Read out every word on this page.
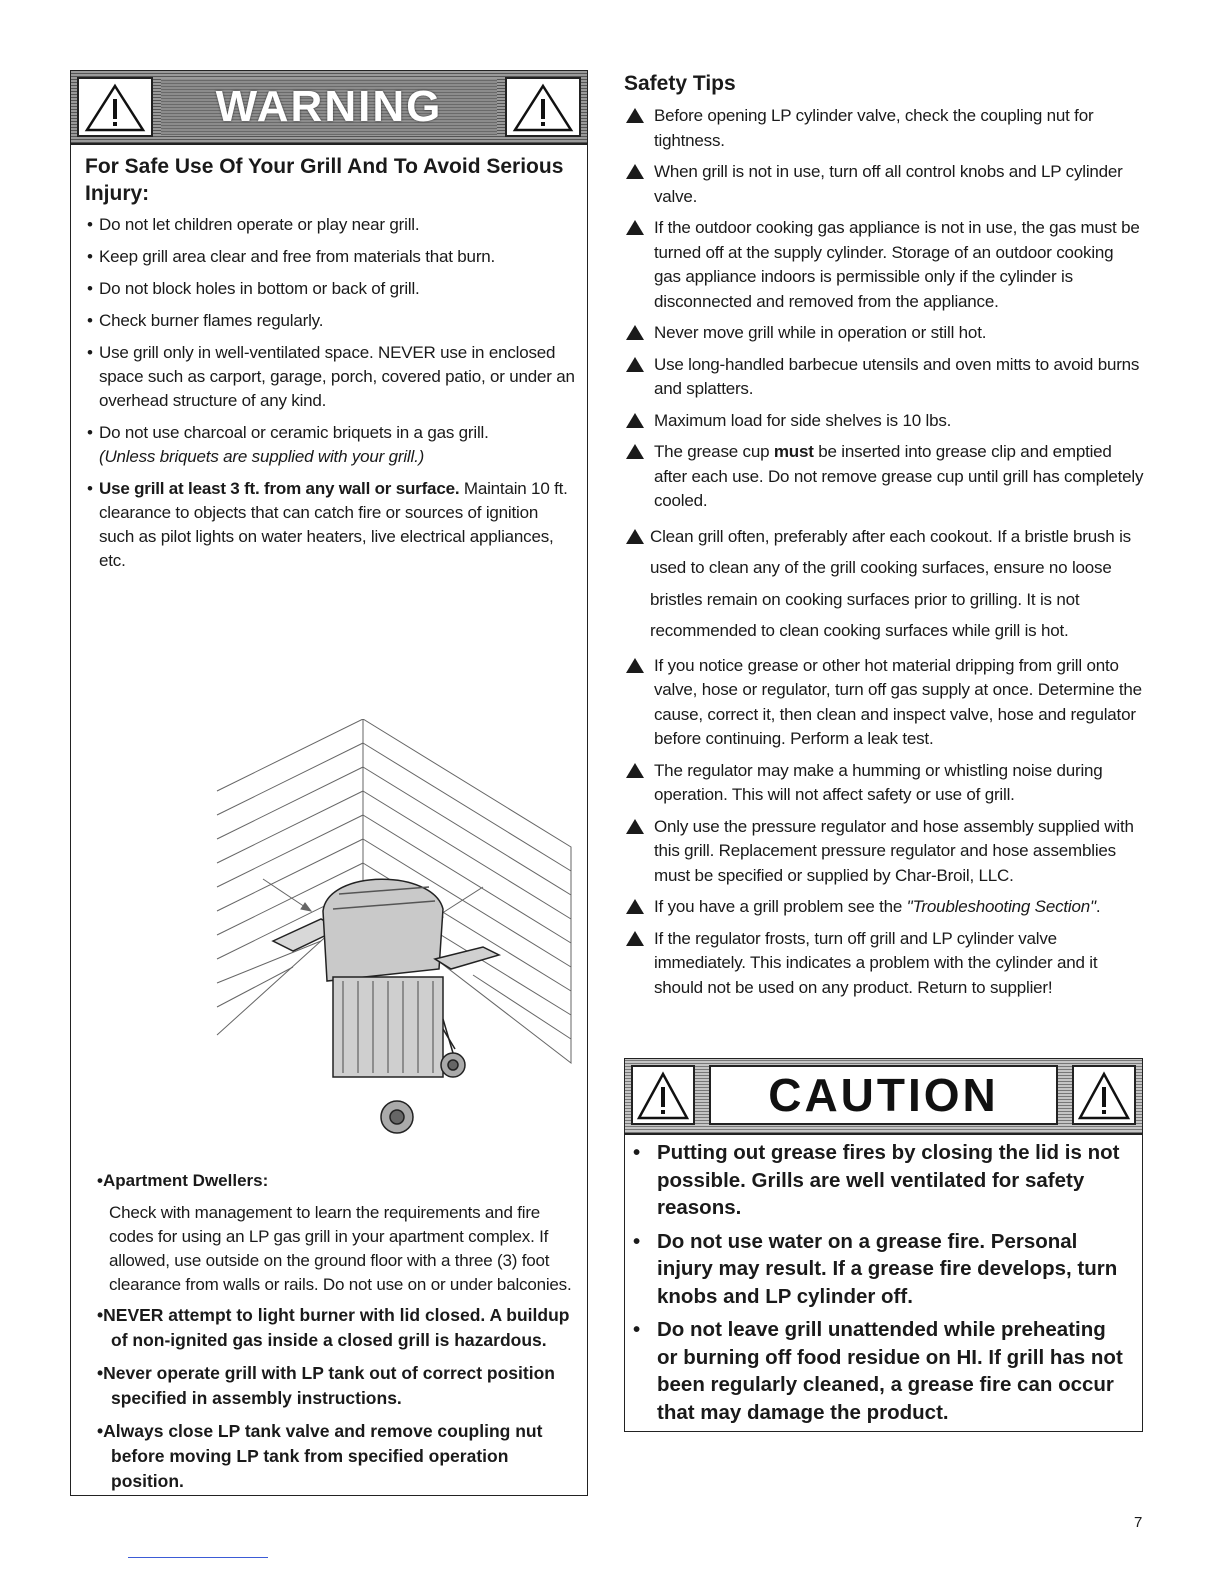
WARNING
For Safe Use Of Your Grill And To Avoid Serious Injury:
• Do not let children operate or play near grill.
• Keep grill area clear and free from materials that burn.
• Do not block holes in bottom or back of grill.
• Check burner flames regularly.
• Use grill only in well-ventilated space. NEVER use in enclosed space such as carport, garage, porch, covered patio, or under an overhead structure of any kind.
• Do not use charcoal or ceramic briquets in a gas grill.
(Unless briquets are supplied with your grill.)
• Use grill at least 3 ft. from any wall or surface. Maintain 10 ft. clearance to objects that can catch fire or sources of ignition such as pilot lights on water heaters, live electrical appliances, etc.
•Apartment Dwellers:
Check with management to learn the requirements and fire codes for using an LP gas grill in your apartment complex. If allowed, use outside on the ground floor with a three (3) foot clearance from walls or rails. Do not use on or under balconies.
•NEVER attempt to light burner with lid closed. A buildup of non-ignited gas inside a closed grill is hazardous.
•Never operate grill with LP tank out of correct position specified in assembly instructions.
•Always close LP tank valve and remove coupling nut before moving LP tank from specified operation position.
Safety Tips
Before opening LP cylinder valve, check the coupling nut for tightness.
When grill is not in use, turn off all control knobs and LP cylinder valve.
If the outdoor cooking gas appliance is not in use, the gas must be turned off at the supply cylinder. Storage of an outdoor cooking gas appliance indoors is permissible only if the cylinder is disconnected and removed from the appliance.
Never move grill while in operation or still hot.
Use long-handled barbecue utensils and oven mitts to avoid burns and splatters.
Maximum load for side shelves is 10 lbs.
The grease cup must be inserted into grease clip and emptied after each use. Do not remove grease cup until grill has completely cooled.
Clean grill often, preferably after each cookout. If a bristle brush is used to clean any of the grill cooking surfaces, ensure no loose bristles remain on cooking surfaces prior to grilling. It is not recommended to clean cooking surfaces while grill is hot.
If you notice grease or other hot material dripping from grill onto valve, hose or regulator, turn off gas supply at once. Determine the cause, correct it, then clean and inspect valve, hose and regulator before continuing. Perform a leak test.
The regulator may make a humming or whistling noise during operation. This will not affect safety or use of grill.
Only use the pressure regulator and hose assembly supplied with this grill. Replacement pressure regulator and hose assemblies must be specified or supplied by Char-Broil, LLC.
If you have a grill problem see the "Troubleshooting Section".
If the regulator frosts, turn off grill and LP cylinder valve immediately. This indicates a problem with the cylinder and it should not be used on any product. Return to supplier!
CAUTION
• Putting out grease fires by closing the lid is not possible. Grills are well ventilated for safety reasons.
• Do not use water on a grease fire. Personal injury may result. If a grease fire develops, turn knobs and LP cylinder off.
• Do not leave grill unattended while preheating or burning off food residue on HI. If grill has not been regularly cleaned, a grease fire can occur that may damage the product.
7
